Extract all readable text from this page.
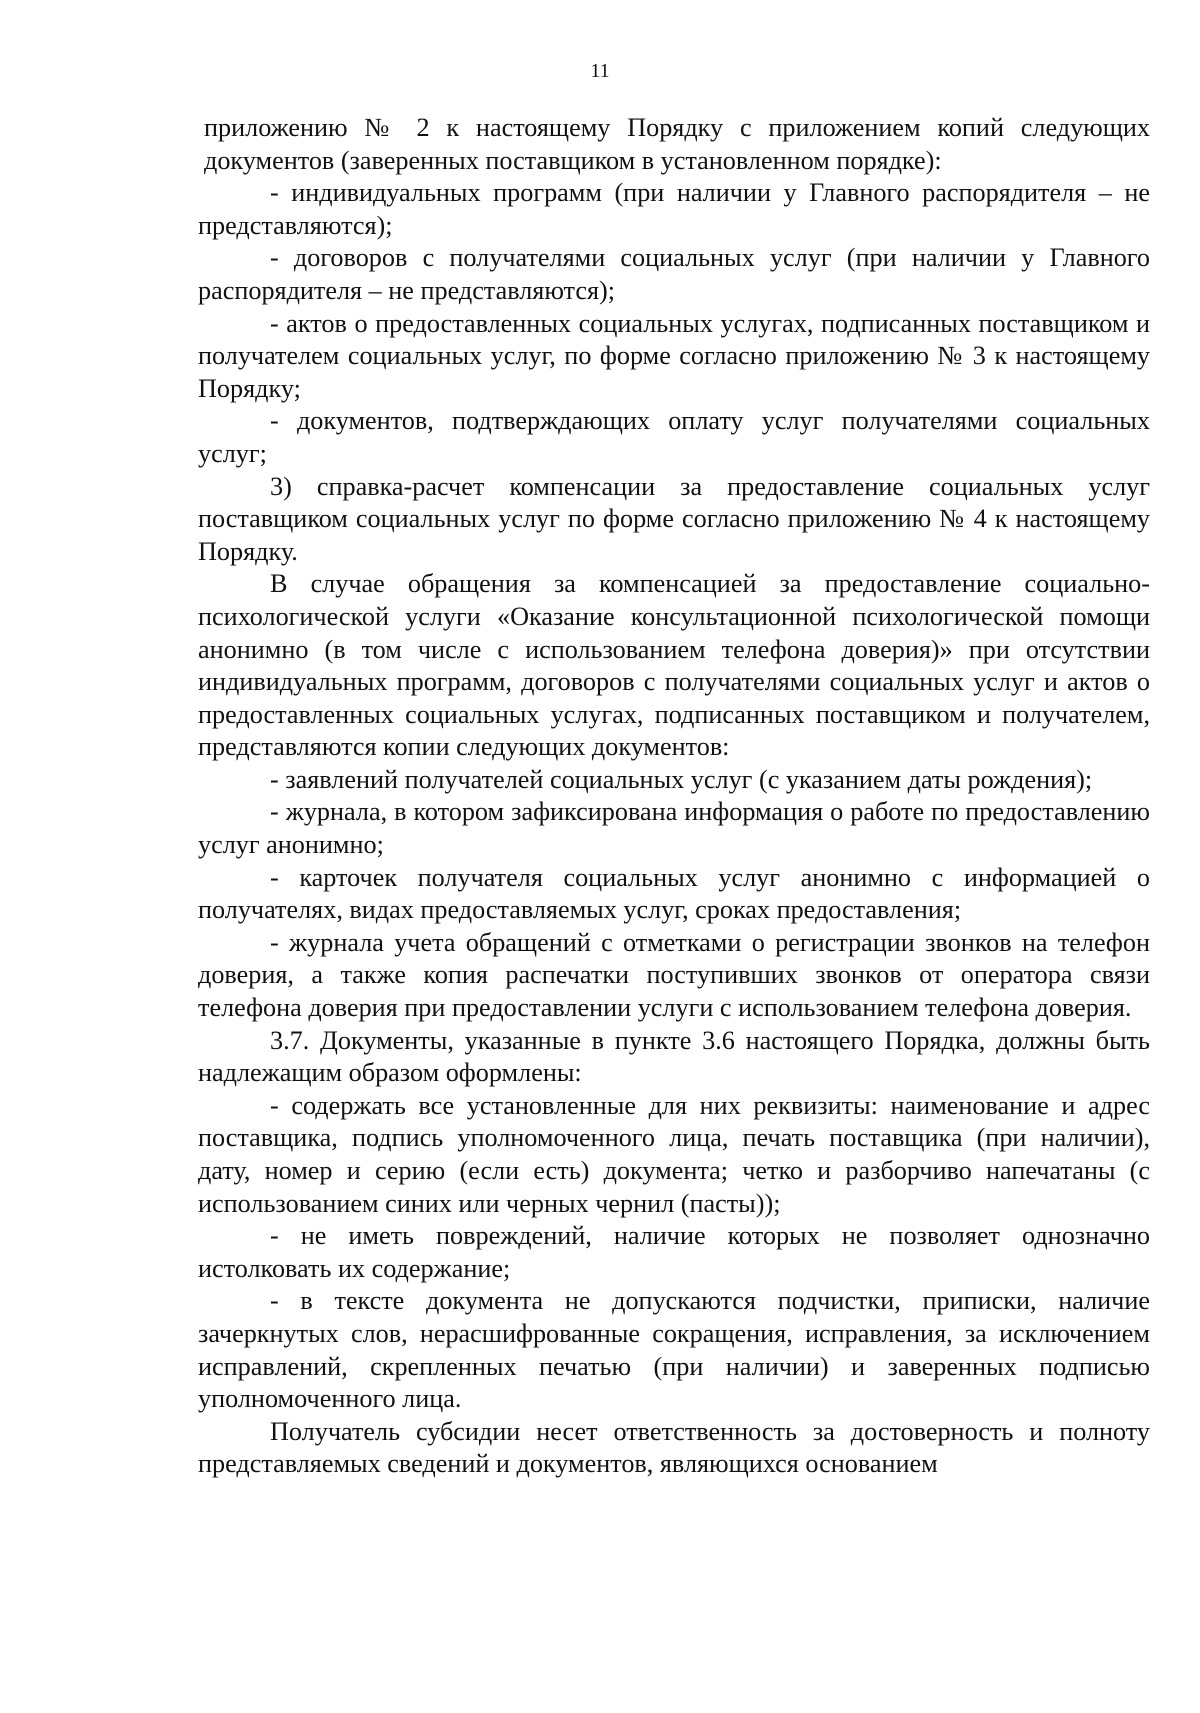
11

приложению № 2 к настоящему Порядку с приложением копий следующих документов (заверенных поставщиком в установленном порядке):

- индивидуальных программ (при наличии у Главного распорядителя – не представляются);

- договоров с получателями социальных услуг (при наличии у Главного распорядителя – не представляются);

- актов о предоставленных социальных услугах, подписанных поставщиком и получателем социальных услуг, по форме согласно приложению № 3 к настоящему Порядку;

- документов, подтверждающих оплату услуг получателями социальных услуг;

3) справка-расчет компенсации за предоставление социальных услуг поставщиком социальных услуг по форме согласно приложению № 4 к настоящему Порядку.

В случае обращения за компенсацией за предоставление социально-психологической услуги «Оказание консультационной психологической помощи анонимно (в том числе с использованием телефона доверия)» при отсутствии индивидуальных программ, договоров с получателями социальных услуг и актов о предоставленных социальных услугах, подписанных поставщиком и получателем, представляются копии следующих документов:

- заявлений получателей социальных услуг (с указанием даты рождения);

- журнала, в котором зафиксирована информация о работе по предоставлению услуг анонимно;

- карточек получателя социальных услуг анонимно с информацией о получателях, видах предоставляемых услуг, сроках предоставления;

- журнала учета обращений с отметками о регистрации звонков на телефон доверия, а также копия распечатки поступивших звонков от оператора связи телефона доверия при предоставлении услуги с использованием телефона доверия.

3.7. Документы, указанные в пункте 3.6 настоящего Порядка, должны быть надлежащим образом оформлены:

- содержать все установленные для них реквизиты: наименование и адрес поставщика, подпись уполномоченного лица, печать поставщика (при наличии), дату, номер и серию (если есть) документа; четко и разборчиво напечатаны (с использованием синих или черных чернил (пасты));

- не иметь повреждений, наличие которых не позволяет однозначно истолковать их содержание;

- в тексте документа не допускаются подчистки, приписки, наличие зачеркнутых слов, нерасшифрованные сокращения, исправления, за исключением исправлений, скрепленных печатью (при наличии) и заверенных подписью уполномоченного лица.

Получатель субсидии несет ответственность за достоверность и полноту представляемых сведений и документов, являющихся основанием
